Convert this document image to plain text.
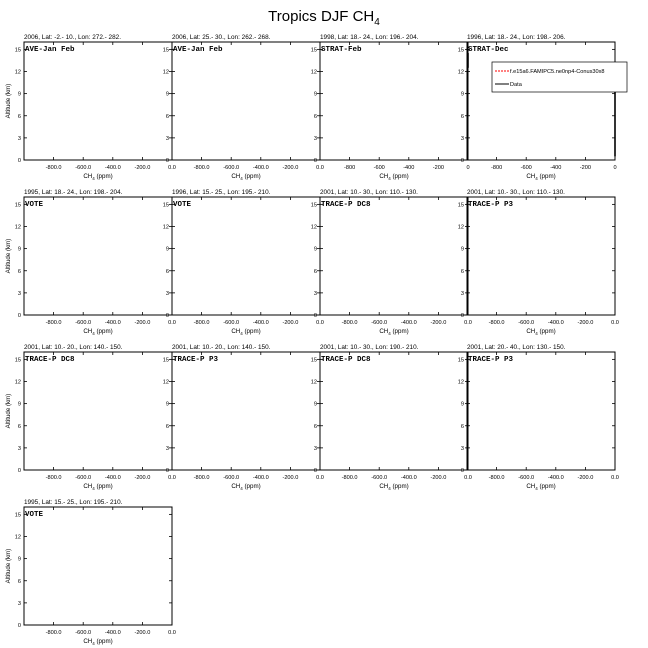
Tropics DJF $CH_4$
2006, Lat: -2.- 10., Lon: 272.- 282.
AVE-Jan Feb
-800.0 -600.0 -400.0 -200.0	0.0
0
3
6
9
12
15
$CH_4$ (ppm)
Altitude (km)
2006, Lat: 25.- 30., Lon: 262.- 268.
AVE-Jan Feb
-800.0 -600.0 -400.0 -200.0	0.0
0
3
6
9
12
15
$CH_4$ (ppm)
1998, Lat: 18.- 24., Lon: 196.- 204.
STRAT-Feb
-800	-600	-400	-200	0
0
3
6
9
12
15
$CH_4$ (ppm)
1996, Lat: 18.- 24., Lon: 198.- 206.
STRAT-Dec
-800	-600	-400	-200	0
0
3
6
9
12
15
$CH_4$ (ppm)
f.e15a6.FAMIPC5.ne0np4-Conus30x8
Data
1995, Lat: 18.- 24., Lon: 198.- 204.
VOTE
-800.0 -600.0 -400.0 -200.0	0.0
0
3
6
9
12
15
$CH_4$ (ppm)
Altitude (km)
1996, Lat: 15.- 25., Lon: 195.- 210.
VOTE
-800.0 -600.0 -400.0 -200.0	0.0
0
3
6
9
12
15
$CH_4$ (ppm)
2001, Lat: 10.- 30., Lon: 110.- 130.
TRACE-P DC8
-800.0 -600.0 -400.0 -200.0	0.0
0
3
6
9
12
15
$CH_4$ (ppm)
2001, Lat: 10.- 30., Lon: 110.- 130.
TRACE-P P3
-800.0 -600.0 -400.0 -200.0	0.0
0
3
6
9
12
15
$CH_4$ (ppm)
2001, Lat: 10.- 20., Lon: 140.- 150.
TRACE-P DC8
-800.0 -600.0 -400.0 -200.0	0.0
0
3
6
9
12
15
$CH_4$ (ppm)
Altitude (km)
2001, Lat: 10.- 20., Lon: 140.- 150.
TRACE-P P3
-800.0 -600.0 -400.0 -200.0	0.0
0
3
6
9
12
15
$CH_4$ (ppm)
2001, Lat: 10.- 30., Lon: 190.- 210.
TRACE-P DC8
-800.0 -600.0 -400.0 -200.0	0.0
0
3
6
9
12
15
$CH_4$ (ppm)
2001, Lat: 20.- 40., Lon: 130.- 150.
TRACE-P P3
-800.0 -600.0 -400.0 -200.0	0.0
0
3
6
9
12
15
$CH_4$ (ppm)
1995, Lat: 15.- 25., Lon: 195.- 210.
VOTE
-800.0 -600.0 -400.0 -200.0	0.0
0
3
6
9
12
15
$CH_4$ (ppm)
Altitude (km)
